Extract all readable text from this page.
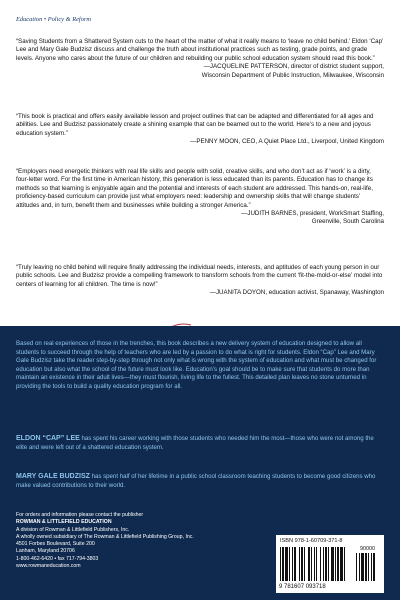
Education • Policy & Reform

“Saving Students from a Shattered System cuts to the heart of the matter of what it really means to ‘leave no child behind.’ Eldon ‘Cap’ Lee and Mary Gale Budzisz discuss and challenge the truth about institutional practices such as testing, grade points, and grade levels. Anyone who cares about the future of our children and rebuilding our public school education system should read this book.”
—JACQUELINE PATTERSON, director of district student support,
Wisconsin Department of Public Instruction, Milwaukee, Wisconsin

“This book is practical and offers easily available lesson and project outlines that can be adapted and differentiated for all ages and abilities. Lee and Budzisz passionately create a shining example that can be beamed out to the world. Here’s to a new and joyous education system.”
—PENNY MOON, CEO, A Quiet Place Ltd., Liverpool, United Kingdom

“Employers need energetic thinkers with real life skills and people with solid, creative skills, and who don’t act as if ‘work’ is a dirty, four-letter word. For the first time in American history, this generation is less educated than its parents. Education has to change its methods so that learning is enjoyable again and the potential and interests of each student are addressed. This hands-on, real-life, proficiency-based curriculum can provide just what employers need: leadership and ownership skills that will change students’ attitudes and, in turn, benefit them and businesses while building a stronger America.”
—JUDITH BARNES, president, WorkSmart Staffing,
Greenville, South Carolina

“Truly leaving no child behind will require finally addressing the individual needs, interests, and aptitudes of each young person in our public schools. Lee and Budzisz provide a compelling framework to transform schools from the current ‘fit-the-mold-or-else’ model into centers of learning for all children. The time is now!”
—JUANITA DOYON, education activist, Spanaway, Washington

Based on real experiences of those in the trenches, this book describes a new delivery system of education designed to allow all students to succeed through the help of teachers who are led by a passion to do what is right for students. Eldon “Cap” Lee and Mary Gale Budzisz take the reader step-by-step through not only what is wrong with the system of education and what must be changed for education but also what the school of the future must look like. Education’s goal should be to make sure that students do more than maintain an existence in their adult lives—they must flourish, living life to the fullest. This detailed plan leaves no stone unturned in providing the tools to build a quality education program for all.

ELDON “CAP” LEE has spent his career working with those students who needed him the most—those who were not among the elite and were left out of a shattered education system.

MARY GALE BUDZISZ has spent half of her lifetime in a public school classroom teaching students to become good citizens who make valued contributions to their world.

For orders and information please contact the publisher
ROWMAN & LITTLEFIELD EDUCATION
A division of Rowman & Littlefield Publishers, Inc.
A wholly owned subsidiary of The Rowman & Littlefield Publishing Group, Inc.
4501 Forbes Boulevard, Suite 200
Lanham, Maryland 20706
1-800-462-6420 • fax 717-794-3803
www.rowmaneducation.com
ISBN 978-1-60709-371-8
90000
9 781607 093718
